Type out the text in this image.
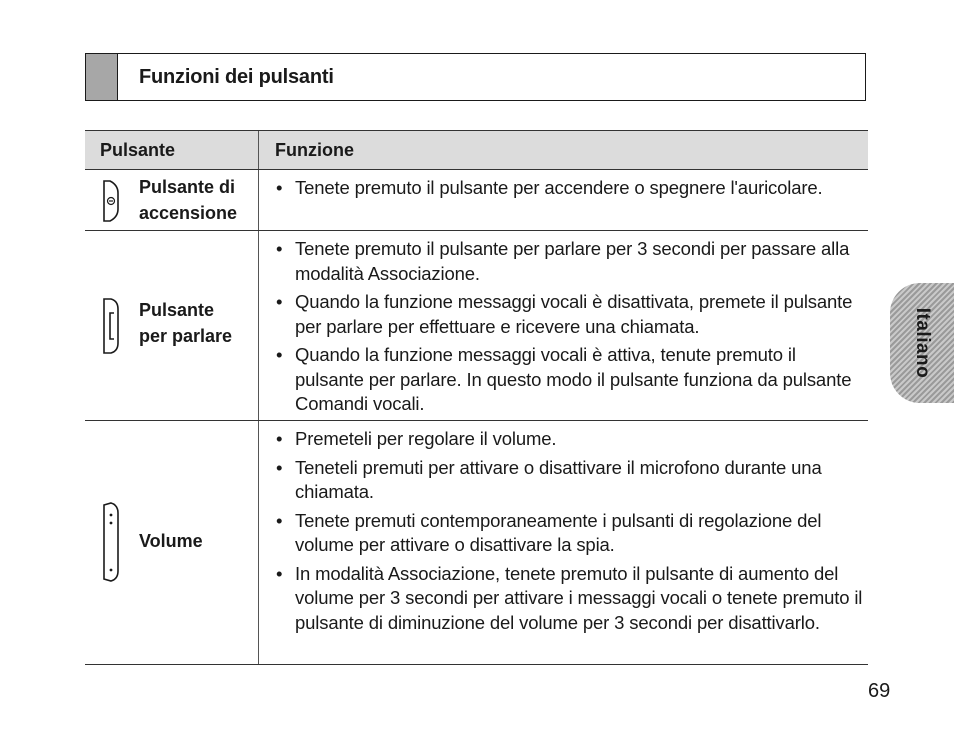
Funzioni dei pulsanti
Pulsante	Funzione
Pulsante di
accensione
• Tenete premuto il pulsante per accendere o spegnere l'auricolare.
Pulsante
per parlare
• Tenete premuto il pulsante per parlare per 3 secondi per passare alla modalità Associazione.
• Quando la funzione messaggi vocali è disattivata, premete il pulsante per parlare per effettuare e ricevere una chiamata.
• Quando la funzione messaggi vocali è attiva, tenute premuto il pulsante per parlare. In questo modo il pulsante funziona da pulsante Comandi vocali.
Volume
• Premeteli per regolare il volume.
• Teneteli premuti per attivare o disattivare il microfono durante una chiamata.
• Tenete premuti contemporaneamente i pulsanti di regolazione del volume per attivare o disattivare la spia.
• In modalità Associazione, tenete premuto il pulsante di aumento del volume per 3 secondi per attivare i messaggi vocali o tenete premuto il pulsante di diminuzione del volume per 3 secondi per disattivarlo.
Italiano
69
